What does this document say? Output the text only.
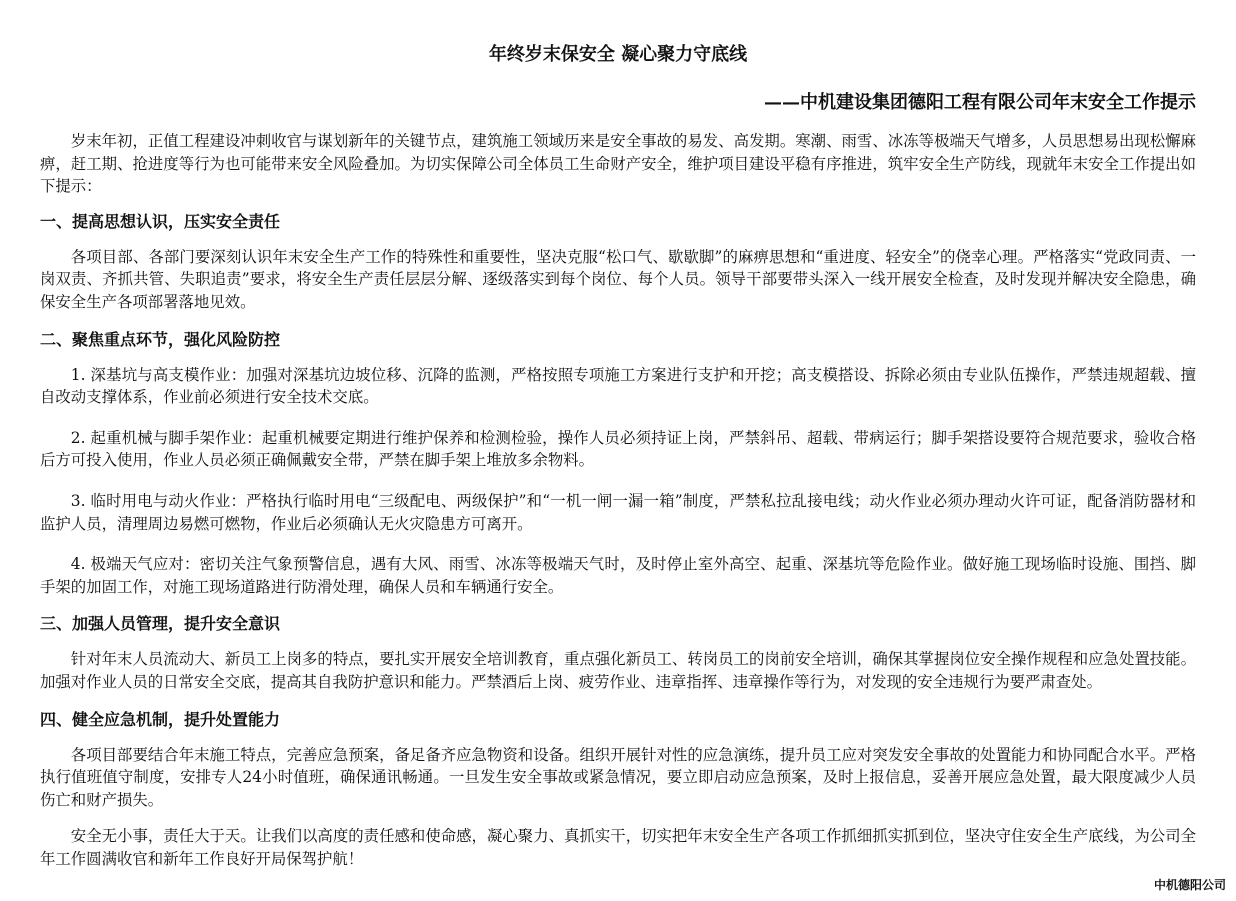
年终岁末保安全 凝心聚力守底线
——中机建设集团德阳工程有限公司年末安全工作提示

岁末年初，正值工程建设冲刺收官与谋划新年的关键节点，建筑施工领域历来是安全事故的易发、高发期。寒潮、雨雪、冰冻等极端天气增多，人员思想易出现松懈麻痹，赶工期、抢进度等行为也可能带来安全风险叠加。为切实保障公司全体员工生命财产安全，维护项目建设平稳有序推进，筑牢安全生产防线，现就年末安全工作提出如下提示：

一、提高思想认识，压实安全责任

各项目部、各部门要深刻认识年末安全生产工作的特殊性和重要性，坚决克服“松口气、歇歇脚”的麻痹思想和“重进度、轻安全”的侥幸心理。严格落实“党政同责、一岗双责、齐抓共管、失职追责”要求，将安全生产责任层层分解、逐级落实到每个岗位、每个人员。领导干部要带头深入一线开展安全检查，及时发现并解决安全隐患，确保安全生产各项部署落地见效。

二、聚焦重点环节，强化风险防控

1. 深基坑与高支模作业：加强对深基坑边坡位移、沉降的监测，严格按照专项施工方案进行支护和开挖；高支模搭设、拆除必须由专业队伍操作，严禁违规超载、擅自改动支撑体系，作业前必须进行安全技术交底。

2. 起重机械与脚手架作业：起重机械要定期进行维护保养和检测检验，操作人员必须持证上岗，严禁斜吊、超载、带病运行；脚手架搭设要符合规范要求，验收合格后方可投入使用，作业人员必须正确佩戴安全带，严禁在脚手架上堆放多余物料。

3. 临时用电与动火作业：严格执行临时用电“三级配电、两级保护”和“一机一闸一漏一箱”制度，严禁私拉乱接电线；动火作业必须办理动火许可证，配备消防器材和监护人员，清理周边易燃可燃物，作业后必须确认无火灾隐患方可离开。

4. 极端天气应对：密切关注气象预警信息，遇有大风、雨雪、冰冻等极端天气时，及时停止室外高空、起重、深基坑等危险作业。做好施工现场临时设施、围挡、脚手架的加固工作，对施工现场道路进行防滑处理，确保人员和车辆通行安全。

三、加强人员管理，提升安全意识

针对年末人员流动大、新员工上岗多的特点，要扎实开展安全培训教育，重点强化新员工、转岗员工的岗前安全培训，确保其掌握岗位安全操作规程和应急处置技能。加强对作业人员的日常安全交底，提高其自我防护意识和能力。严禁酒后上岗、疲劳作业、违章指挥、违章操作等行为，对发现的安全违规行为要严肃查处。

四、健全应急机制，提升处置能力

各项目部要结合年末施工特点，完善应急预案，备足备齐应急物资和设备。组织开展针对性的应急演练，提升员工应对突发安全事故的处置能力和协同配合水平。严格执行值班值守制度，安排专人24小时值班，确保通讯畅通。一旦发生安全事故或紧急情况，要立即启动应急预案，及时上报信息，妥善开展应急处置，最大限度减少人员伤亡和财产损失。

安全无小事，责任大于天。让我们以高度的责任感和使命感，凝心聚力、真抓实干，切实把年末安全生产各项工作抓细抓实抓到位，坚决守住安全生产底线，为公司全年工作圆满收官和新年工作良好开局保驾护航！

中机德阳公司
